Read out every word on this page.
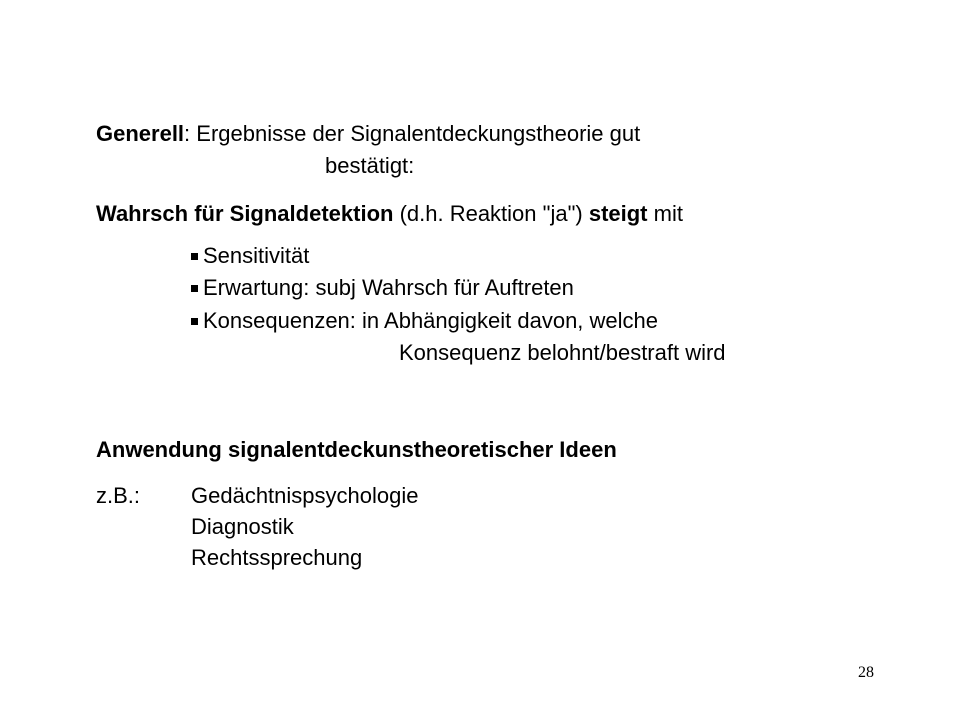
Generell: Ergebnisse der Signalentdeckungstheorie gut
bestätigt:
Wahrsch für Signaldetektion (d.h. Reaktion "ja") steigt mit
Sensitivität
Erwartung: subj Wahrsch für Auftreten
Konsequenzen: in Abhängigkeit davon, welche
Konsequenz belohnt/bestraft wird
Anwendung signalentdeckunstheoretischer Ideen
z.B.: Gedächtnispsychologie
Diagnostik
Rechtssprechung
28
